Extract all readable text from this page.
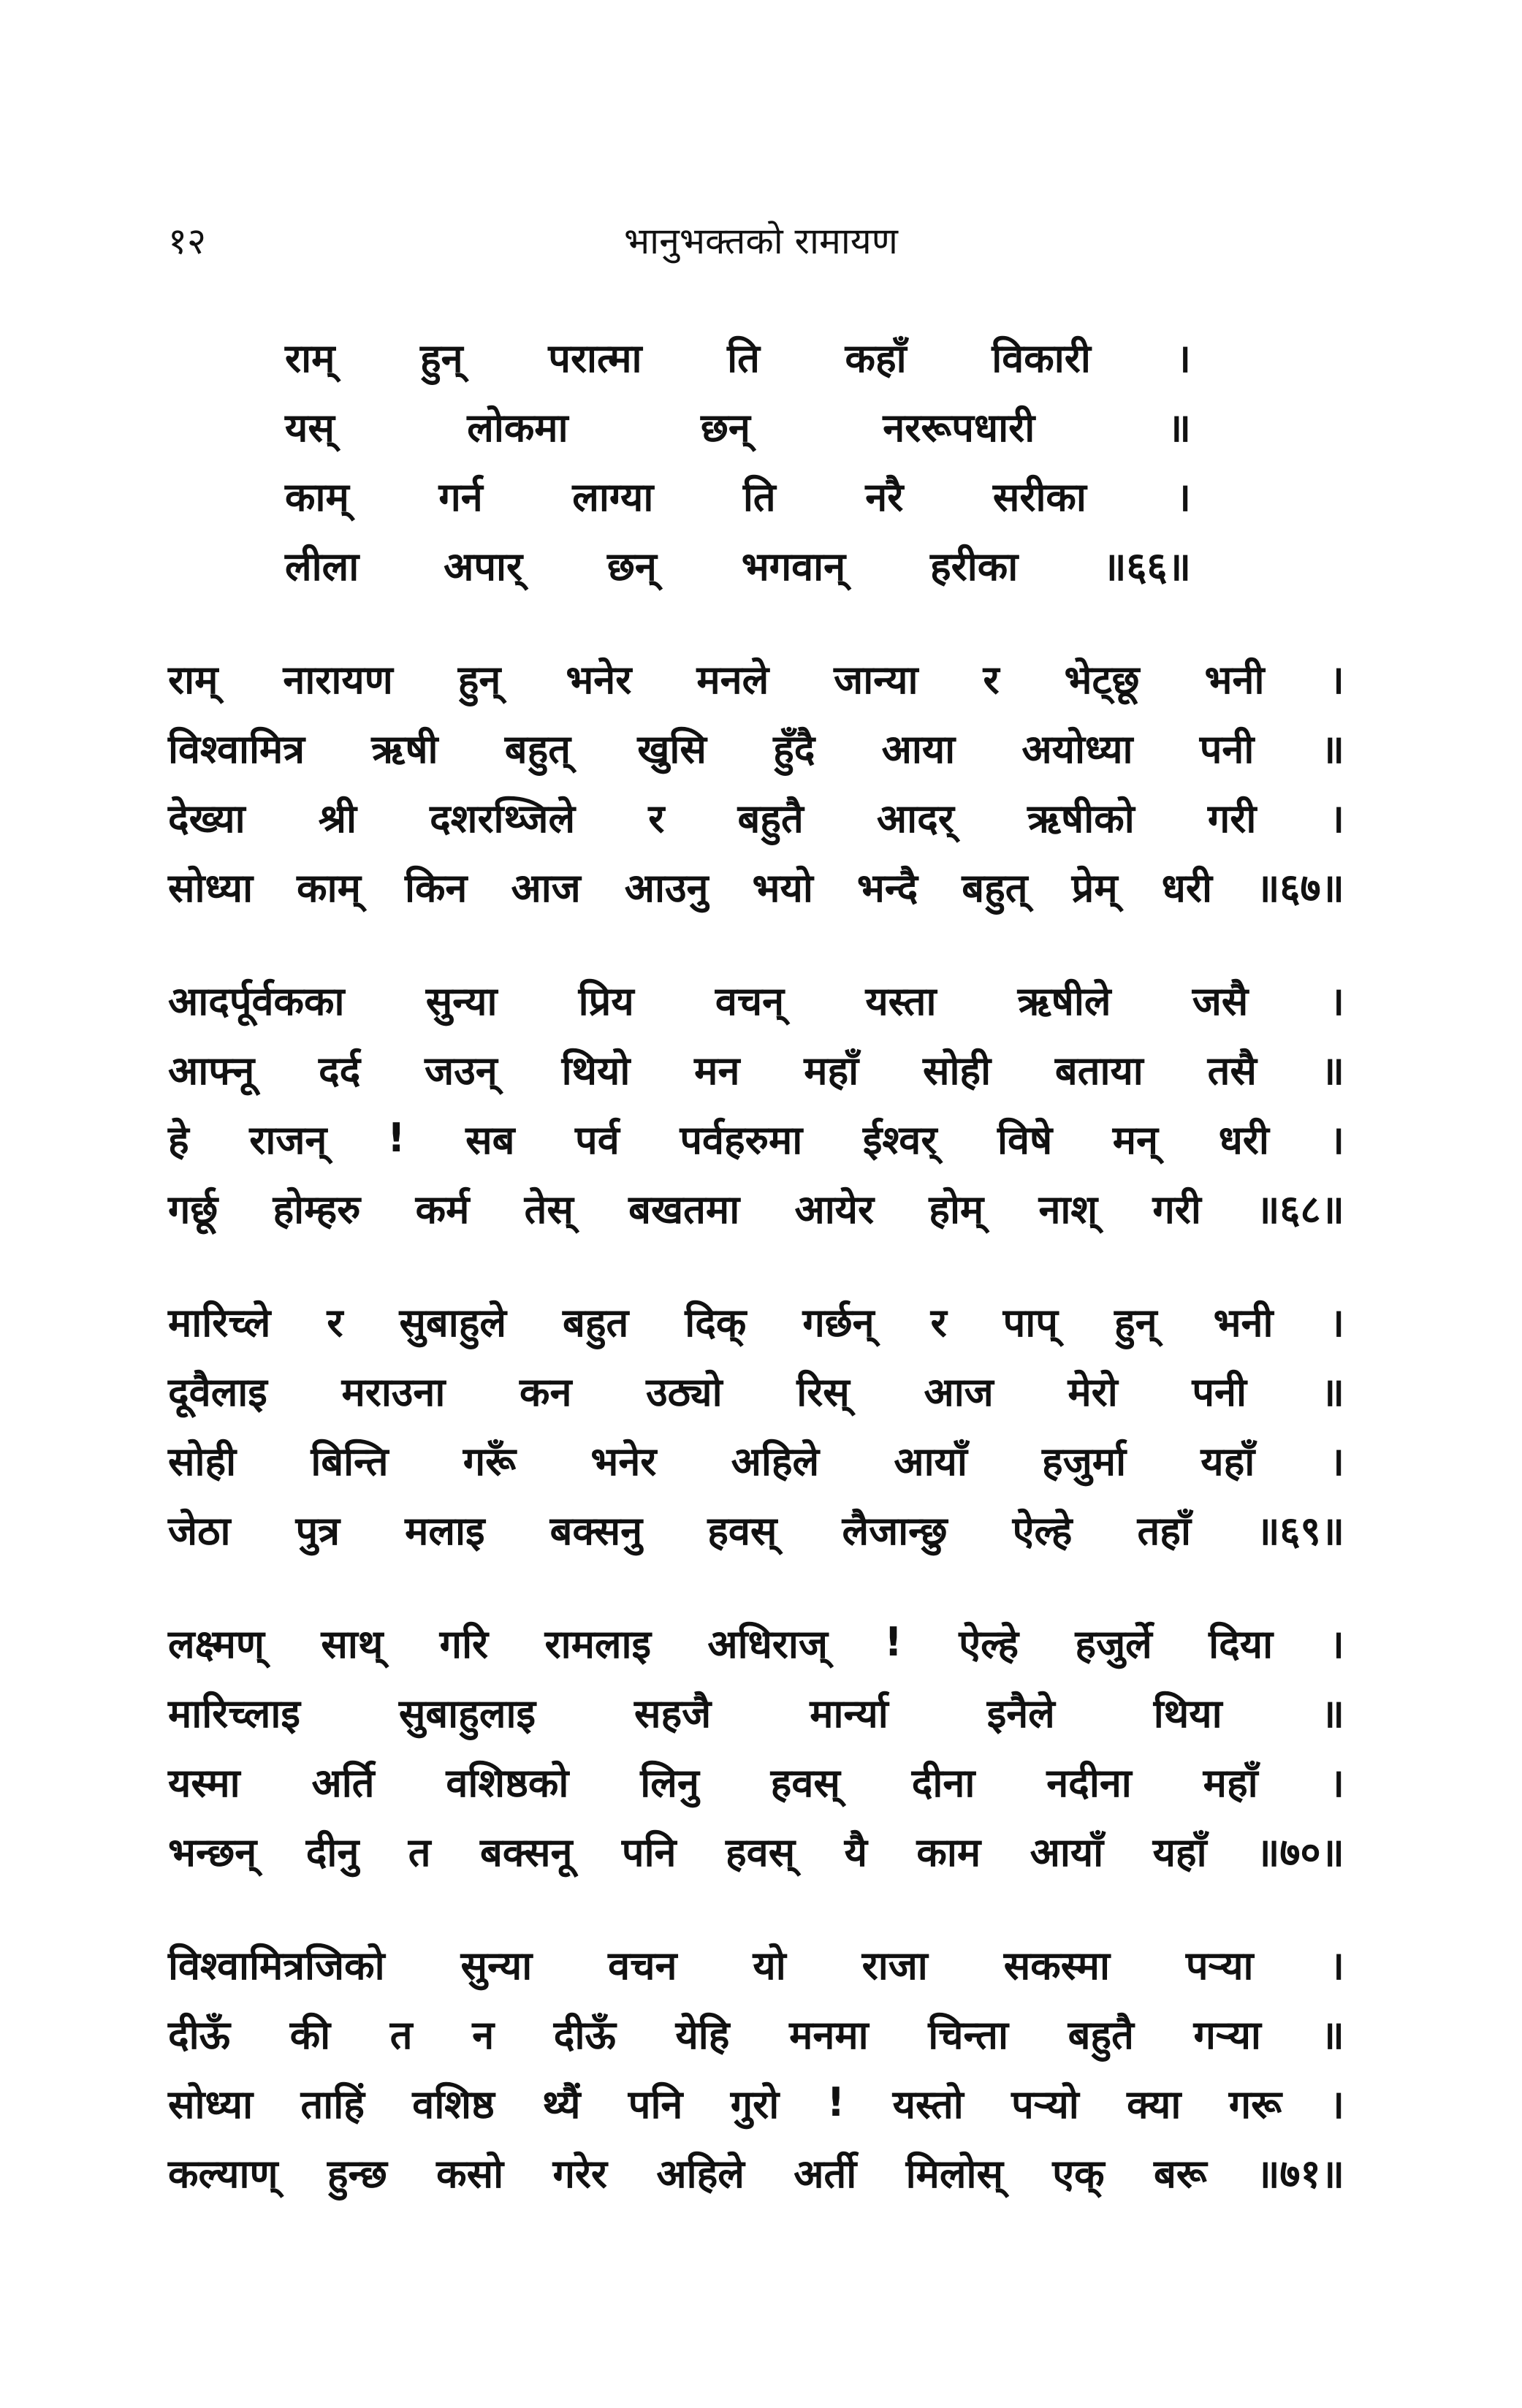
१२	भानुभक्तको रामायण
राम् हुन् परात्मा ति कहाँ विकारी ।
यस्	लोकमा	छन्	नररूपधारी	॥
काम् गर्न लाग्या ति नरै सरीका ।
लीला अपार् छन् भगवान् हरीका ॥६६॥
राम् नारायण हुन् भनेर मनले जान्या र भेट्छू भनी ।
विश्वामित्र ऋषी बहुत् खुसि हुँदै आया अयोध्या पनी ॥
देख्या श्री दशरथ्जिले र बहुतै आदर् ऋषीको गरी ।
सोध्या काम् किन आज आउनु भयो भन्दै बहुत् प्रेम् धरी ॥६७॥
आदर्पूर्वकका सुन्या प्रिय वचन् यस्ता ऋषीले जसै ।
आफ्नू दर्द जउन् थियो मन महाँ सोही बताया तसै ॥
हे राजन् ! सब पर्व पर्वहरुमा ईश्वर् विषे मन् धरी ।
गर्छू होम्हरु कर्म तेस् बखतमा आयेर होम् नाश् गरी ॥६८॥
मारिच्ले र सुबाहुले बहुत दिक् गर्छन् र पाप् हुन् भनी ।
दूवैलाइ मराउना कन उठ्यो रिस् आज मेरो पनी ॥
सोही बिन्ति गरूँ भनेर अहिले आयाँ हजुर्मा यहाँ ।
जेठा पुत्र मलाइ बक्सनु हवस् लैजान्छु ऐल्हे तहाँ ॥६९॥
लक्ष्मण् साथ् गरि रामलाइ अधिराज् ! ऐल्हे हजुर्ले दिया ।
मारिच्लाइ सुबाहुलाइ सहजै मार्न्या इनैले थिया ॥
यस्मा अर्ति वशिष्ठको लिनु हवस् दीना नदीना महाँ ।
भन्छन् दीनु त बक्सनू पनि हवस् यै काम आयाँ यहाँ ॥७०॥
विश्वामित्रजिको सुन्या वचन यो राजा सकस्मा पऱ्या ।
दीऊँ की त न दीऊँ येहि मनमा चिन्ता बहुतै गऱ्या ॥
सोध्या ताहिं वशिष्ठ थ्यैं पनि गुरो ! यस्तो पऱ्यो क्या गरू ।
कल्याण् हुन्छ कसो गरेर अहिले अर्ती मिलोस् एक् बरू ॥७१॥
